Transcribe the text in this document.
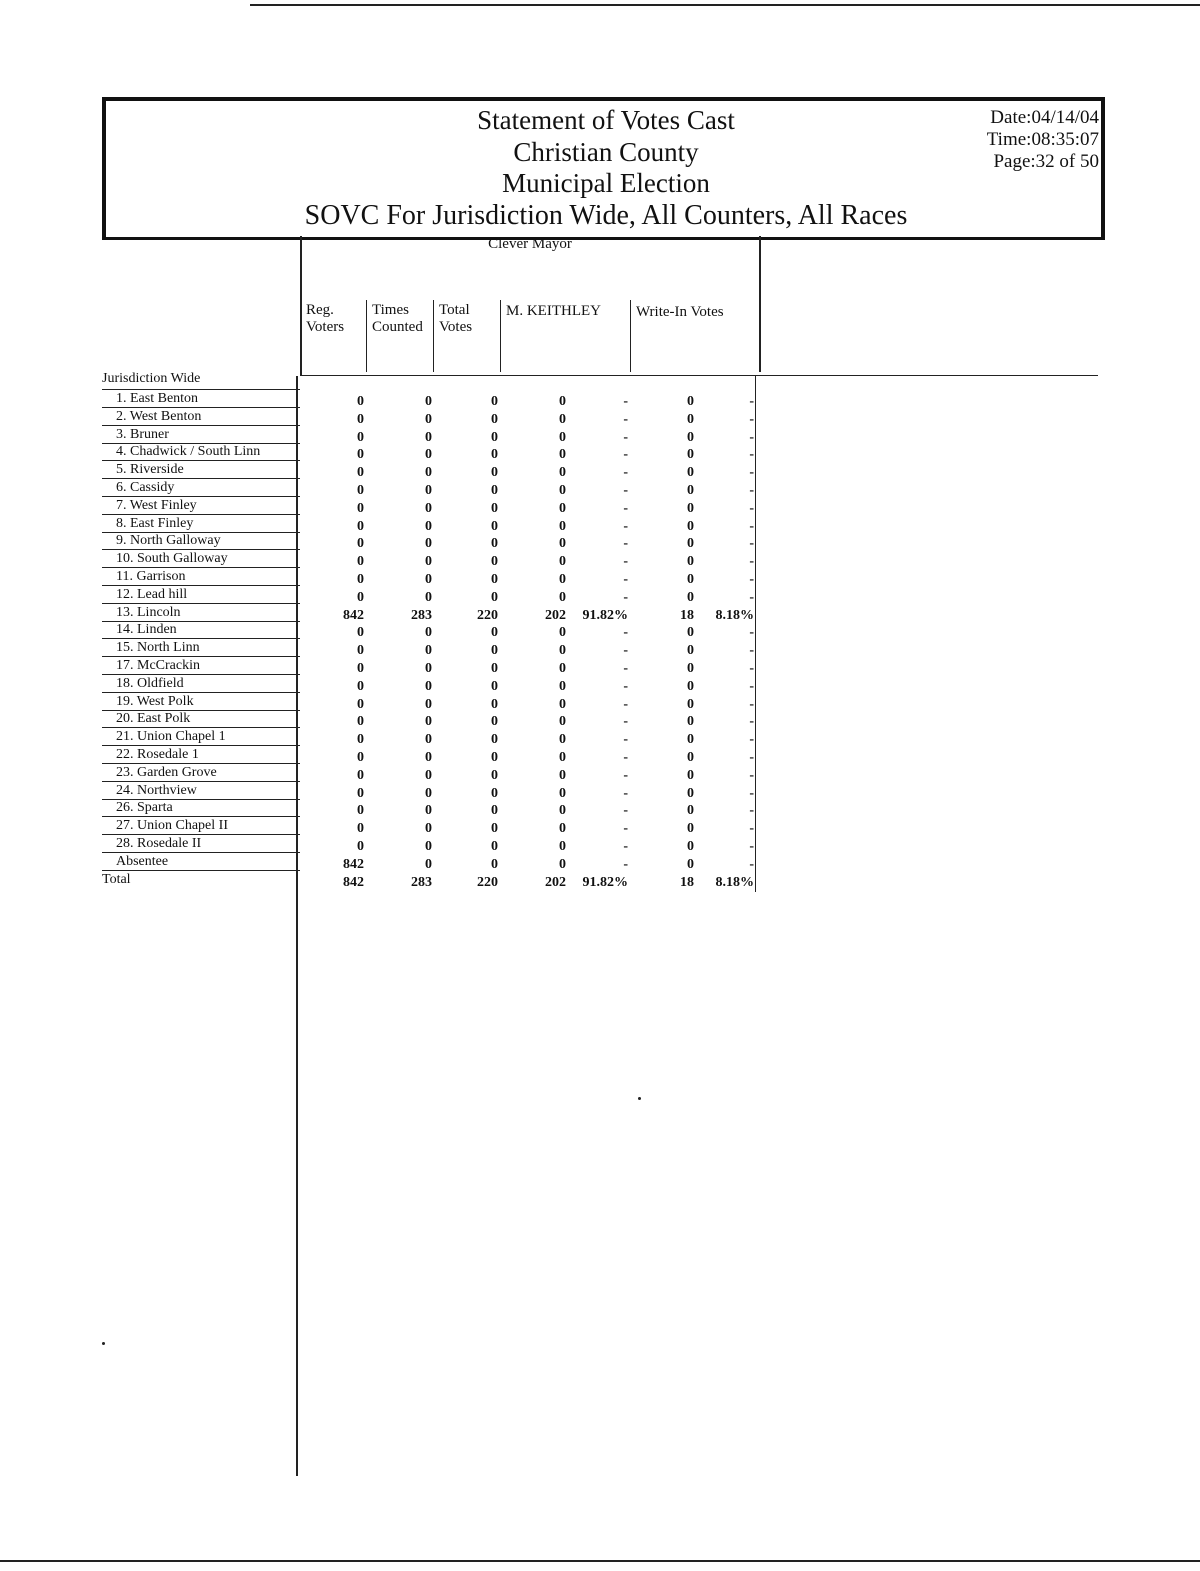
Statement of Votes Cast
Christian County
Municipal Election
SOVC For Jurisdiction Wide, All Counters, All Races
Date:04/14/04
Time:08:35:07
Page:32 of 50
Clever Mayor
Reg.
Voters
Times
Counted
Total
Votes
M. KEITHLEY Write-In Votes
Jurisdiction Wide
1. East Benton	0	0	0	0	-	0	-
2. West Benton	0	0	0	0	-	0	-
3. Bruner	0	0	0	0	-	0	-
4. Chadwick / South Linn	0	0	0	0	-	0	-
5. Riverside	0	0	0	0	-	0	-
6. Cassidy	0	0	0	0	-	0	-
7. West Finley	0	0	0	0	-	0	-
8. East Finley	0	0	0	0	-	0	-
9. North Galloway	0	0	0	0	-	0	-
10. South Galloway	0	0	0	0	-	0	-
11. Garrison	0	0	0	0	-	0	-
12. Lead hill	0	0	0	0	-	0	-
13. Lincoln	842	283	220	202	91.82%	18	8.18%
14. Linden	0	0	0	0	-	0	-
15. North Linn	0	0	0	0	-	0	-
17. McCrackin	0	0	0	0	-	0	-
18. Oldfield	0	0	0	0	-	0	-
19. West Polk	0	0	0	0	-	0	-
20. East Polk	0	0	0	0	-	0	-
21. Union Chapel 1	0	0	0	0	-	0	-
22. Rosedale 1	0	0	0	0	-	0	-
23. Garden Grove	0	0	0	0	-	0	-
24. Northview	0	0	0	0	-	0	-
26. Sparta	0	0	0	0	-	0	-
27. Union Chapel II	0	0	0	0	-	0	-
28. Rosedale II	0	0	0	0	-	0	-
Absentee	842	0	0	0	-	0	-
Total	842	283	220	202	91.82%	18	8.18%
